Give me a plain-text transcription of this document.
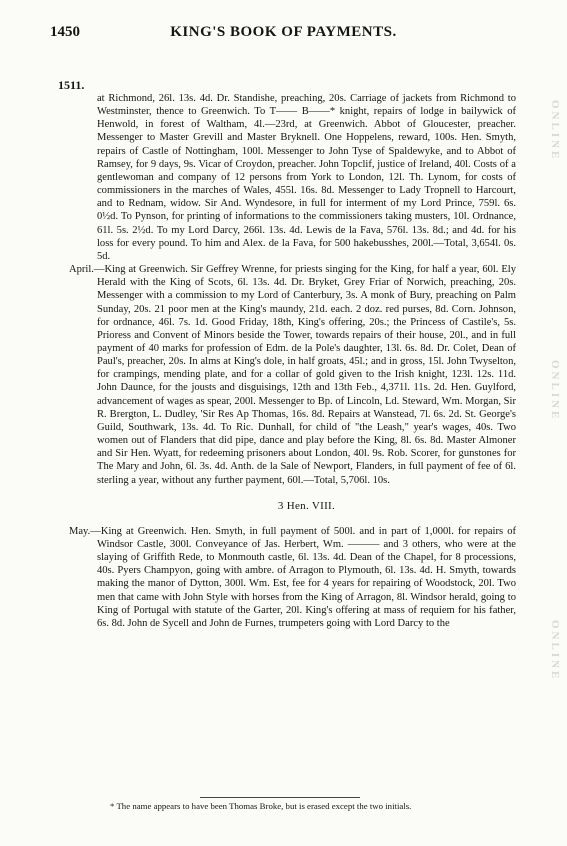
1450	KING'S BOOK OF PAYMENTS.
1511.

at Richmond, 26l. 13s. 4d. Dr. Standishe, preaching, 20s. Carriage of jackets from Richmond to Westminster, thence to Greenwich. To T—— B——* knight, repairs of lodge in bailywick of Henwold, in forest of Waltham, 4l.—23rd, at Greenwich. Abbot of Gloucester, preacher. Messenger to Master Grevill and Master Bryknell. One Hoppelens, reward, 100s. Hen. Smyth, repairs of Castle of Nottingham, 100l. Messenger to John Tyse of Spaldewyke, and to Abbot of Ramsey, for 9 days, 9s. Vicar of Croydon, preacher. John Topclif, justice of Ireland, 40l. Costs of a gentlewoman and company of 12 persons from York to London, 12l. Th. Lynom, for costs of commissioners in the marches of Wales, 455l. 16s. 8d. Messenger to Lady Tropnell to Harcourt, and to Rednam, widow. Sir And. Wyndesore, in full for interment of my Lord Prince, 759l. 6s. 0½d. To Pynson, for printing of informations to the commissioners taking musters, 10l. Ordnance, 61l. 5s. 2½d. To my Lord Darcy, 266l. 13s. 4d. Lewis de la Fava, 576l. 13s. 8d.; and 4d. for his loss for every pound. To him and Alex. de la Fava, for 500 hakebusshes, 200l.—Total, 3,654l. 0s. 5d.

April.—King at Greenwich. Sir Geffrey Wrenne, for priests singing for the King, for half a year, 60l. Ely Herald with the King of Scots, 6l. 13s. 4d. Dr. Bryket, Grey Friar of Norwich, preaching, 20s. Messenger with a commission to my Lord of Canterbury, 3s. A monk of Bury, preaching on Palm Sunday, 20s. 21 poor men at the King's maundy, 21d. each. 2 doz. red purses, 8d. Corn. Johnson, for ordnance, 46l. 7s. 1d. Good Friday, 18th, King's offering, 20s.; the Princess of Castile's, 5s. Prioress and Convent of Minors beside the Tower, towards repairs of their house, 20l., and in full payment of 40 marks for profession of Edm. de la Pole's daughter, 13l. 6s. 8d. Dr. Colet, Dean of Paul's, preacher, 20s. In alms at King's dole, in half groats, 45l.; and in gross, 15l. John Twyselton, for crampings, mending plate, and for a collar of gold given to the Irish knight, 123l. 12s. 11d. John Daunce, for the jousts and disguisings, 12th and 13th Feb., 4,371l. 11s. 2d. Hen. Guylford, advancement of wages as spear, 200l. Messenger to Bp. of Lincoln, Ld. Steward, Wm. Morgan, Sir R. Brergton, L. Dudley, 'Sir Res Ap Thomas, 16s. 8d. Repairs at Wanstead, 7l. 6s. 2d. St. George's Guild, Southwark, 13s. 4d. To Ric. Dunhall, for child of "the Leash," year's wages, 40s. Two women out of Flanders that did pipe, dance and play before the King, 8l. 6s. 8d. Master Almoner and Sir Hen. Wyatt, for redeeming prisoners about London, 40l. 9s. Rob. Scorer, for gunstones for The Mary and John, 6l. 3s. 4d. Anth. de la Sale of Newport, Flanders, in full payment of fee of 6l. sterling a year, without any further payment, 60l.—Total, 5,706l. 10s.

3 Hen. VIII.

May.—King at Greenwich. Hen. Smyth, in full payment of 500l. and in part of 1,000l. for repairs of Windsor Castle, 300l. Conveyance of Jas. Herbert, Wm. ——— and 3 others, who were at the slaying of Griffith Rede, to Monmouth castle, 6l. 13s. 4d. Dean of the Chapel, for 8 processions, 40s. Pyers Champyon, going with ambre. of Arragon to Plymouth, 6l. 13s. 4d. H. Smyth, towards making the manor of Dytton, 300l. Wm. Est, fee for 4 years for repairing of Woodstock, 20l. Two men that came with John Style with horses from the King of Arragon, 8l. Windsor herald, going to King of Portugal with statute of the Garter, 20l. King's offering at mass of requiem for his father, 6s. 8d. John de Sycell and John de Furnes, trumpeters going with Lord Darcy to the

* The name appears to have been Thomas Broke, but is erased except the two initials.
ONLINE
ONLINE
ONLINE
